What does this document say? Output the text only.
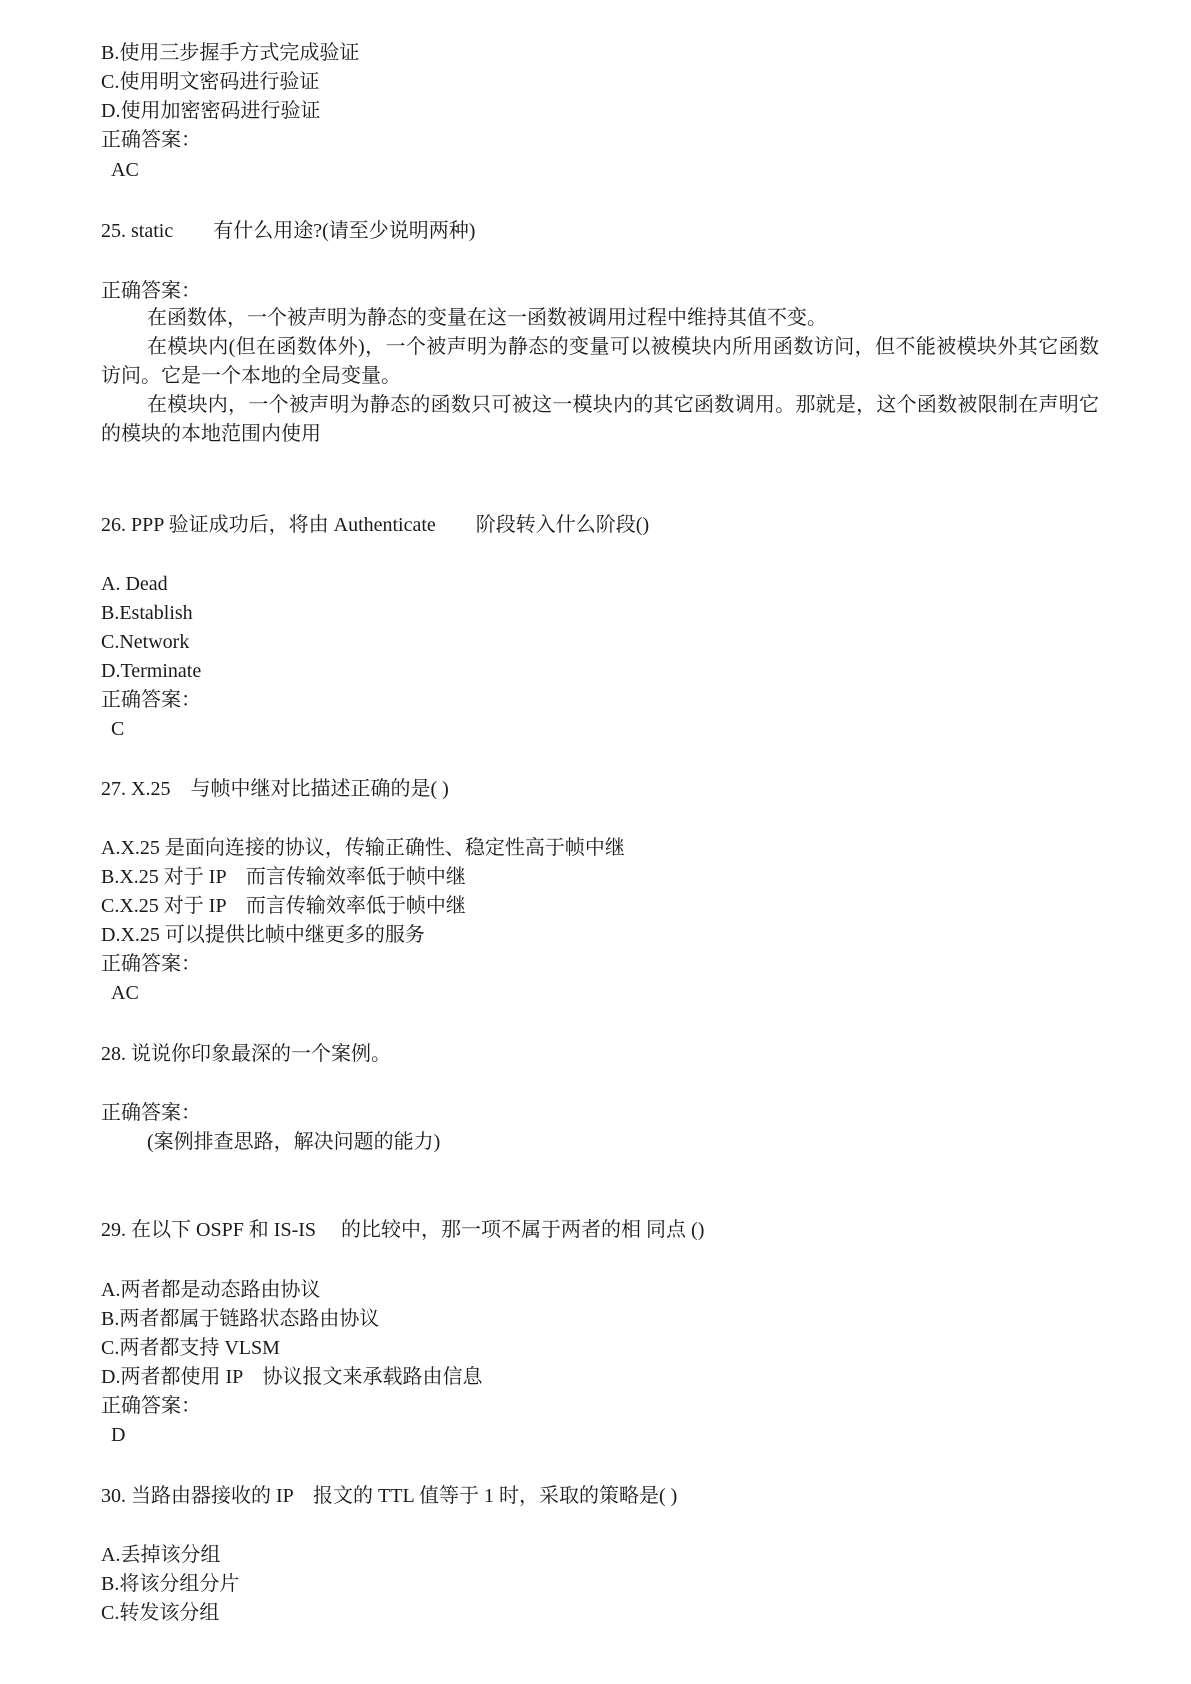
B.使用三步握手方式完成验证

C.使用明文密码进行验证

D.使用加密密码进行验证

正确答案：

AC

25. static　　有什么用途?(请至少说明两种)

正确答案：

在函数体，一个被声明为静态的变量在这一函数被调用过程中维持其值不变。

在模块内(但在函数体外)，一个被声明为静态的变量可以被模块内所用函数访问，但不能被模块外其它函数访问。它是一个本地的全局变量。

在模块内，一个被声明为静态的函数只可被这一模块内的其它函数调用。那就是，这个函数被限制在声明它的模块的本地范围内使用

26. PPP 验证成功后，将由 Authenticate　　阶段转入什么阶段()

A. Dead

B.Establish

C.Network

D.Terminate

正确答案：

C

27. X.25　与帧中继对比描述正确的是( )

A.X.25 是面向连接的协议，传输正确性、稳定性高于帧中继

B.X.25 对于 IP　而言传输效率低于帧中继

C.X.25 对于 IP　而言传输效率低于帧中继

D.X.25 可以提供比帧中继更多的服务

正确答案：

AC

28. 说说你印象最深的一个案例。

正确答案：

(案例排查思路，解决问题的能力)

29. 在以下 OSPF 和 IS-IS　 的比较中，那一项不属于两者的相 同点 ()

A.两者都是动态路由协议

B.两者都属于链路状态路由协议

C.两者都支持 VLSM

D.两者都使用 IP　协议报文来承载路由信息

正确答案：

D

30. 当路由器接收的 IP　报文的 TTL 值等于 1 时，采取的策略是( )

A.丢掉该分组

B.将该分组分片

C.转发该分组
